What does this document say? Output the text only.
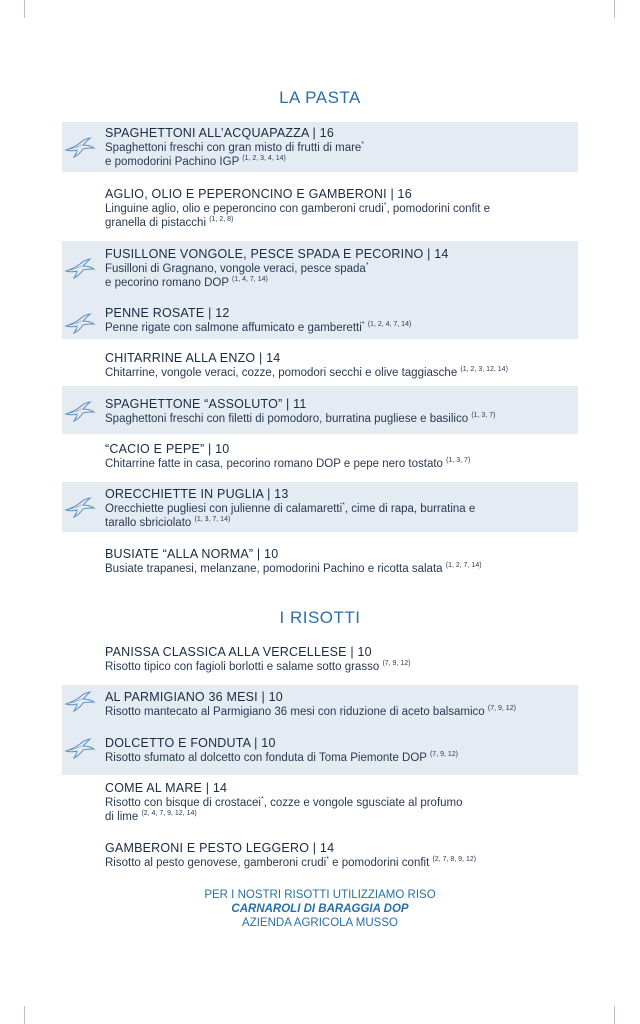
LA PASTA
SPAGHETTONI ALL’ACQUAPAZZA | 16
Spaghettoni freschi con gran misto di frutti di mare*
e pomodorini Pachino IGP $^{(1, 2, 3, 4, 14)}$
AGLIO, OLIO E PEPERONCINO E GAMBERONI | 16
Linguine aglio, olio e peperoncino con gamberoni crudi*, pomodorini confit e
granella di pistacchi $^{(1, 2, 8)}$
FUSILLONE VONGOLE, PESCE SPADA E PECORINO | 14
Fusilloni di Gragnano, vongole veraci, pesce spada*
e pecorino romano DOP $^{(1, 4, 7, 14)}$
PENNE ROSATE | 12
Penne rigate con salmone affumicato e gamberetti* $^{(1, 2, 4, 7, 14)}$
CHITARRINE ALLA ENZO | 14
Chitarrine, vongole veraci, cozze, pomodori secchi e olive taggiasche $^{(1, 2, 3, 12, 14)}$
SPAGHETTONE “ASSOLUTO” | 11
Spaghettoni freschi con filetti di pomodoro, burratina pugliese e basilico $^{(1, 3, 7)}$
“CACIO E PEPE” | 10
Chitarrine fatte in casa, pecorino romano DOP e pepe nero tostato $^{(1, 3, 7)}$
ORECCHIETTE IN PUGLIA | 13
Orecchiette pugliesi con julienne di calamaretti*, cime di rapa, burratina e
tarallo sbriciolato $^{(1, 3, 7, 14)}$
BUSIATE “ALLA NORMA” | 10
Busiate trapanesi, melanzane, pomodorini Pachino e ricotta salata $^{(1, 2, 7, 14)}$
I RISOTTI
PANISSA CLASSICA ALLA VERCELLESE | 10
Risotto tipico con fagioli borlotti e salame sotto grasso $^{(7, 9, 12)}$
AL PARMIGIANO 36 MESI | 10
Risotto mantecato al Parmigiano 36 mesi con riduzione di aceto balsamico $^{(7, 9, 12)}$
DOLCETTO E FONDUTA | 10
Risotto sfumato al dolcetto con fonduta di Toma Piemonte DOP $^{(7, 9, 12)}$
COME AL MARE | 14
Risotto con bisque di crostacei*, cozze e vongole sgusciate al profumo
di lime $^{(2, 4, 7, 9, 12, 14)}$
GAMBERONI E PESTO LEGGERO | 14
Risotto al pesto genovese, gamberoni crudi* e pomodorini confit $^{(2, 7, 8, 9, 12)}$
PER I NOSTRI RISOTTI UTILIZZIAMO RISO
CARNAROLI DI BARAGGIA DOP
AZIENDA AGRICOLA MUSSO
